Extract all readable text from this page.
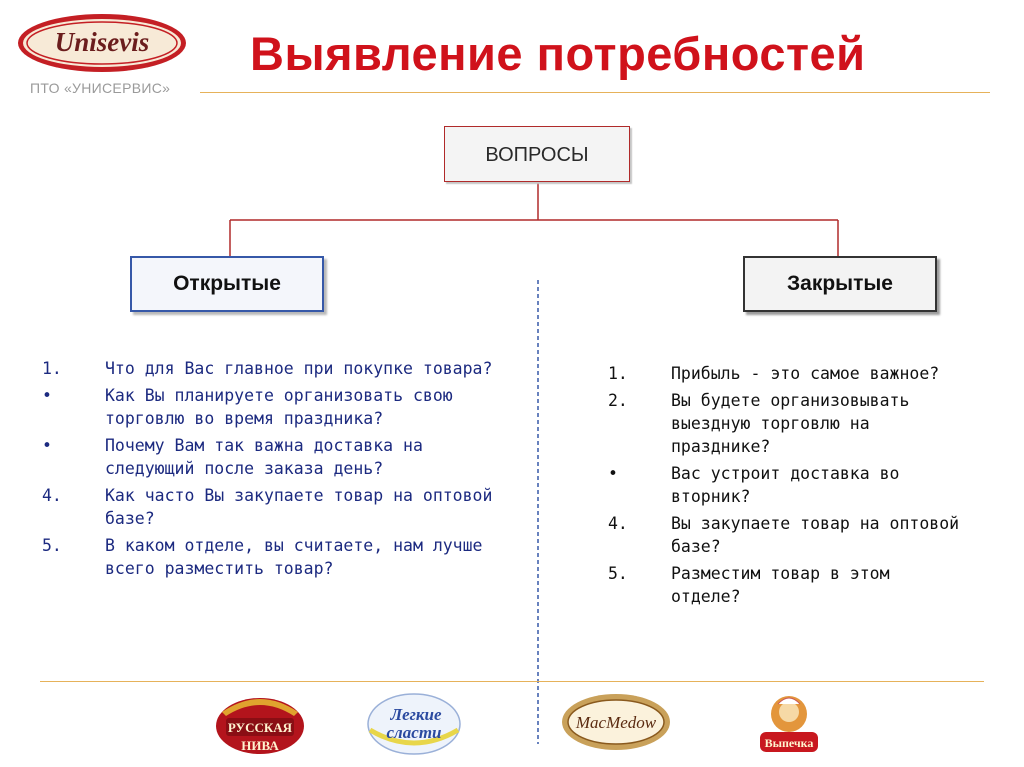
Unisevis
ПТО «УНИСЕРВИС»
Выявление потребностей
ВОПРОСЫ
Открытые	Закрытые
1.	Что для Вас главное при покупке товара?
•	Как Вы планируете организовать свою торговлю во время праздника?
•	Почему Вам так важна доставка на следующий после заказа день?
4.	Как часто Вы закупаете товар на оптовой базе?
5.	В каком отделе, вы считаете, нам лучше всего разместить товар?
1.	Прибыль - это самое важное?
2.	Вы будете организовывать выездную торговлю на празднике?
•	Вас устроит доставка во вторник?
4.	Вы закупаете товар на оптовой базе?
5.	Разместим товар в этом отделе?
РУССКАЯ
НИВА
Легкие
сласти
MacMedow
Выпечка
